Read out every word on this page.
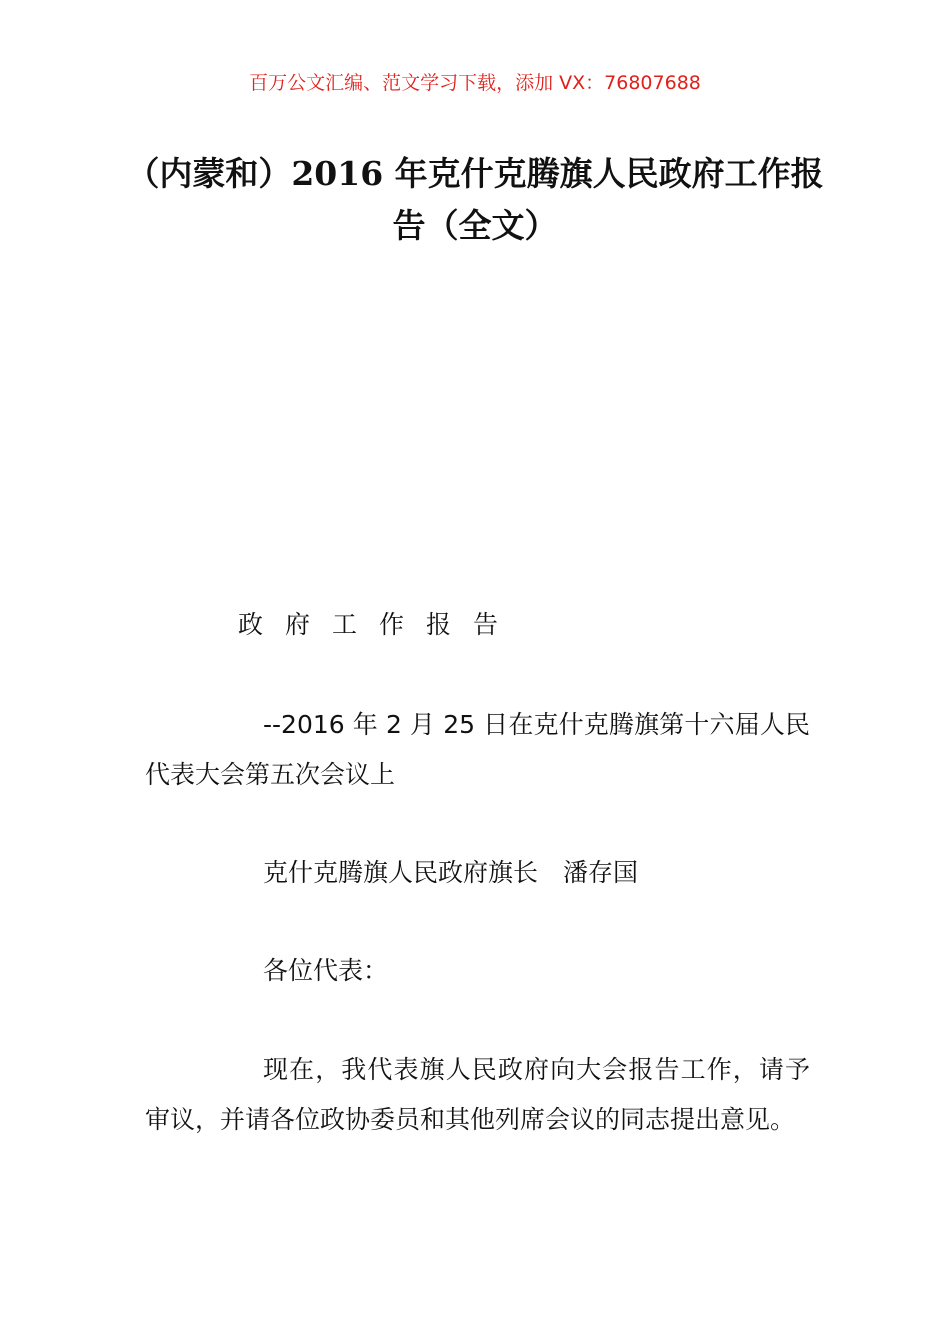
百万公文汇编、范文学习下载，添加 VX：76807688
（内蒙和）2016 年克什克腾旗人民政府工作报告（全文）
政府工作报告
--2016 年 2 月 25 日在克什克腾旗第十六届人民代表大会第五次会议上
克什克腾旗人民政府旗长　潘存国
各位代表：
现在，我代表旗人民政府向大会报告工作，请予审议，并请各位政协委员和其他列席会议的同志提出意见。
